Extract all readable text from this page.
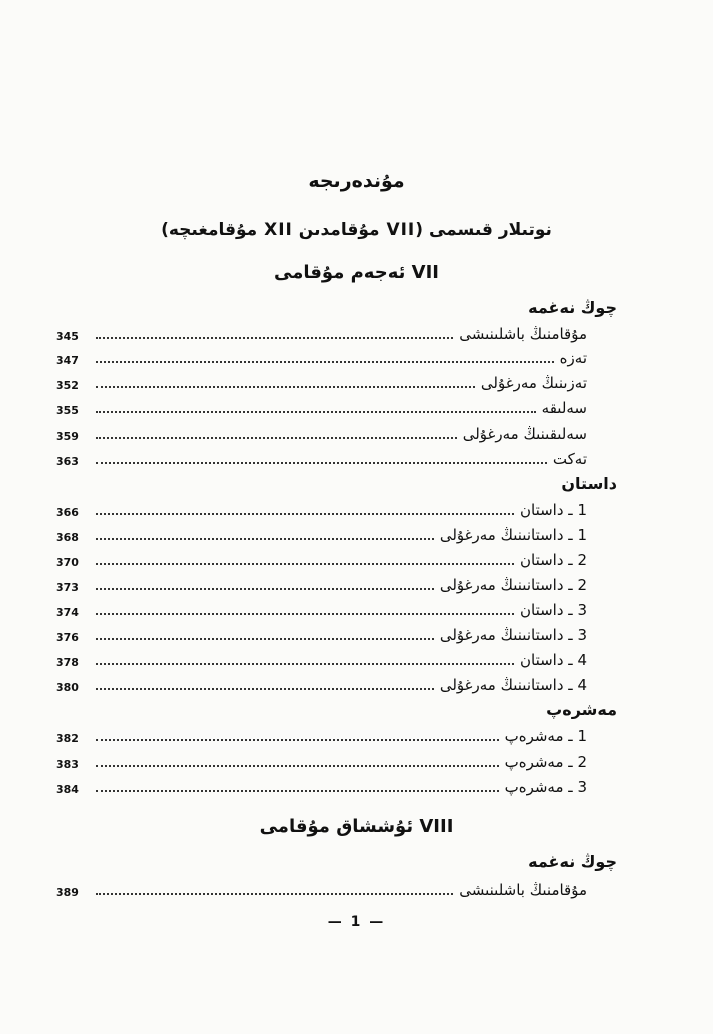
مۇندەرىجە
نوتىلار قىسمى (VII مۇقامدىن XII مۇقامغىچە)
VII ئەجەم مۇقامى
چوڭ نەغمە
345	مۇقامنىڭ باشلىنىشى
347	تەزە
352	تەزىنىڭ مەرغۇلى
355	سەلىقە
359	سەلىقىنىڭ مەرغۇلى
363	تەكت
داستان
366	1 ـ داستان
368	1 ـ داستانىنىڭ مەرغۇلى
370	2 ـ داستان
373	2 ـ داستانىنىڭ مەرغۇلى
374	3 ـ داستان
376	3 ـ داستانىنىڭ مەرغۇلى
378	4 ـ داستان
380	4 ـ داستانىنىڭ مەرغۇلى
مەشرەپ
382	1 ـ مەشرەپ
383	2 ـ مەشرەپ
384	3 ـ مەشرەپ
VIII ئۇششاق مۇقامى
چوڭ نەغمە
389	مۇقامنىڭ باشلىنىشى
— 1 —
